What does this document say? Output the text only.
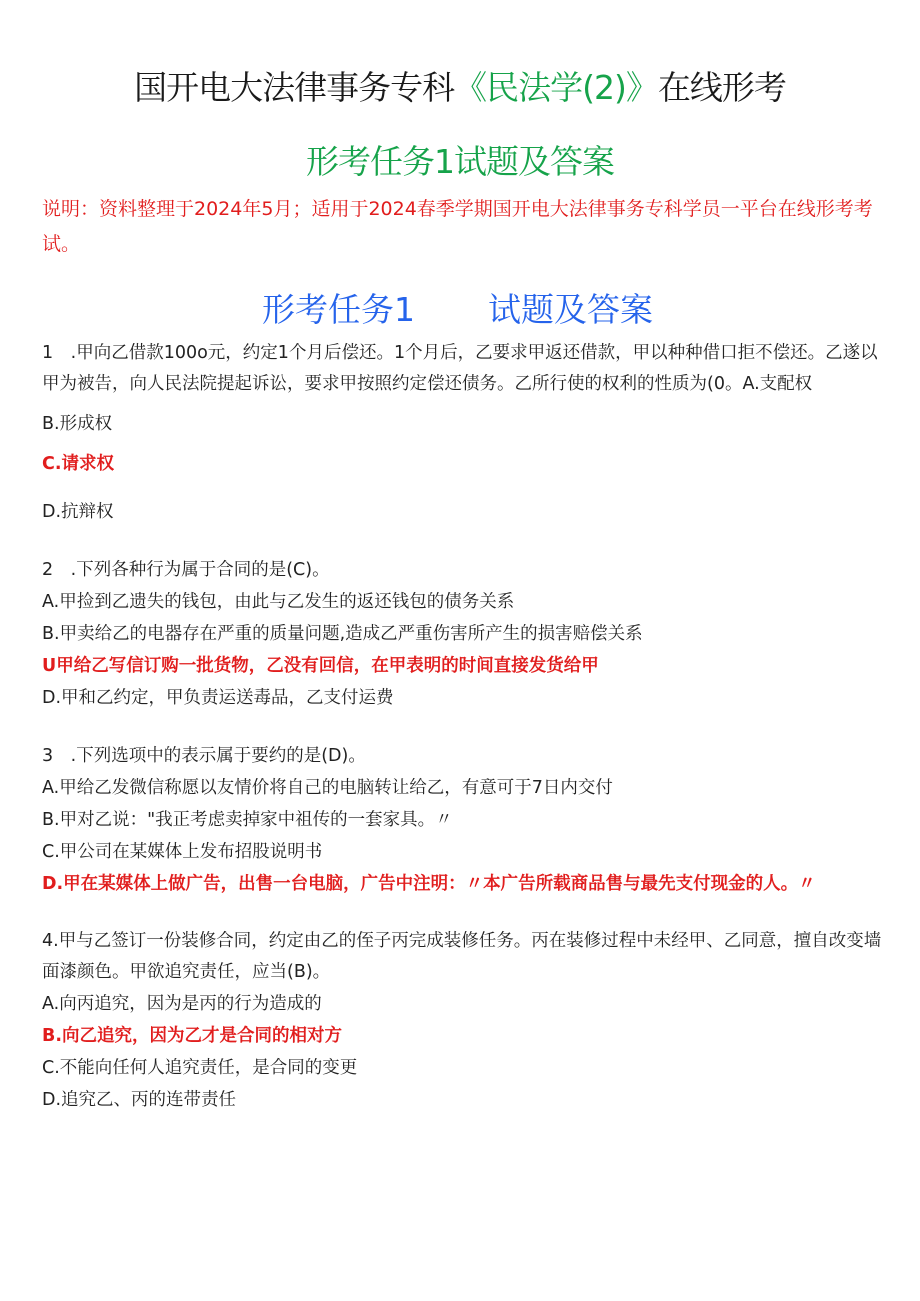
国开电大法律事务专科《民法学(2)》在线形考
形考任务1试题及答案
说明：资料整理于2024年5月；适用于2024春季学期国开电大法律事务专科学员一平台在线形考考试。
形考任务1 试题及答案
1　.甲向乙借款100o元，约定1个月后偿还。1个月后，乙要求甲返还借款，甲以种种借口拒不偿还。乙遂以甲为被告，向人民法院提起诉讼，要求甲按照约定偿还债务。乙所行使的权利的性质为(0。A.支配权
B.形成权
C.请求权
D.抗辩权
2　.下列各种行为属于合同的是(C)。
A.甲捡到乙遗失的钱包，由此与乙发生的返还钱包的债务关系
B.甲卖给乙的电器存在严重的质量问题,造成乙严重伤害所产生的损害赔偿关系
U甲给乙写信订购一批货物，乙没有回信，在甲表明的时间直接发货给甲
D.甲和乙约定，甲负责运送毒品，乙支付运费
3　.下列选项中的表示属于要约的是(D)。
A.甲给乙发微信称愿以友情价将自己的电脑转让给乙，有意可于7日内交付
B.甲对乙说："我正考虑卖掉家中祖传的一套家具。〃
C.甲公司在某媒体上发布招股说明书
D.甲在某媒体上做广告，出售一台电脑，广告中注明：〃本广告所载商品售与最先支付现金的人。〃
4.甲与乙签订一份装修合同，约定由乙的侄子丙完成装修任务。丙在装修过程中未经甲、乙同意，擅自改变墙面漆颜色。甲欲追究责任，应当(B)。
A.向丙追究，因为是丙的行为造成的
B.向乙追究，因为乙才是合同的相对方
C.不能向任何人追究责任，是合同的变更
D.追究乙、丙的连带责任
